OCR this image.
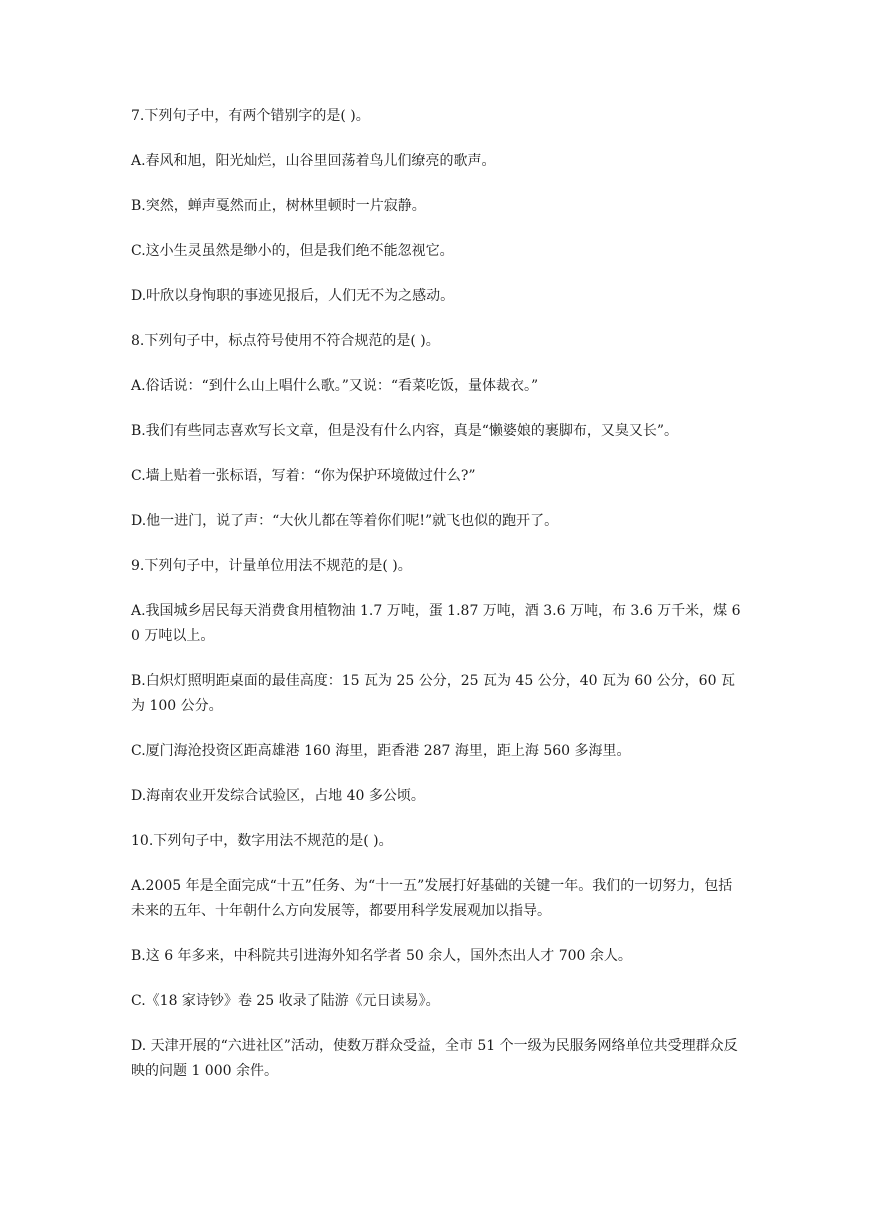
7.下列句子中，有两个错别字的是( )。

A.春风和旭，阳光灿烂，山谷里回荡着鸟儿们缭亮的歌声。

B.突然，蝉声戛然而止，树林里顿时一片寂静。

C.这小生灵虽然是缈小的，但是我们绝不能忽视它。

D.叶欣以身恂职的事迹见报后，人们无不为之感动。

8.下列句子中，标点符号使用不符合规范的是( )。

A.俗话说：“到什么山上唱什么歌。”又说：“看菜吃饭，量体裁衣。”

B.我们有些同志喜欢写长文章，但是没有什么内容，真是“懒婆娘的裹脚布，又臭又长”。

C.墙上贴着一张标语，写着：“你为保护环境做过什么?”

D.他一进门，说了声：“大伙儿都在等着你们呢!”就飞也似的跑开了。

9.下列句子中，计量单位用法不规范的是( )。

A.我国城乡居民每天消费食用植物油 1.7 万吨，蛋 1.87 万吨，酒 3.6 万吨，布 3.6 万千米，煤 60 万吨以上。

B.白炽灯照明距桌面的最佳高度：15 瓦为 25 公分，25 瓦为 45 公分，40 瓦为 60 公分，60 瓦为 100 公分。

C.厦门海沧投资区距高雄港 160 海里，距香港 287 海里，距上海 560 多海里。

D.海南农业开发综合试验区，占地 40 多公顷。

10.下列句子中，数字用法不规范的是( )。

A.2005 年是全面完成“十五”任务、为“十一五”发展打好基础的关键一年。我们的一切努力，包括未来的五年、十年朝什么方向发展等，都要用科学发展观加以指导。

B.这 6 年多来，中科院共引进海外知名学者 50 余人，国外杰出人才 700 余人。

C.《18 家诗钞》卷 25 收录了陆游《元日读易》。

D. 天津开展的“六进社区”活动，使数万群众受益，全市 51 个一级为民服务网络单位共受理群众反映的问题 1 000 余件。
